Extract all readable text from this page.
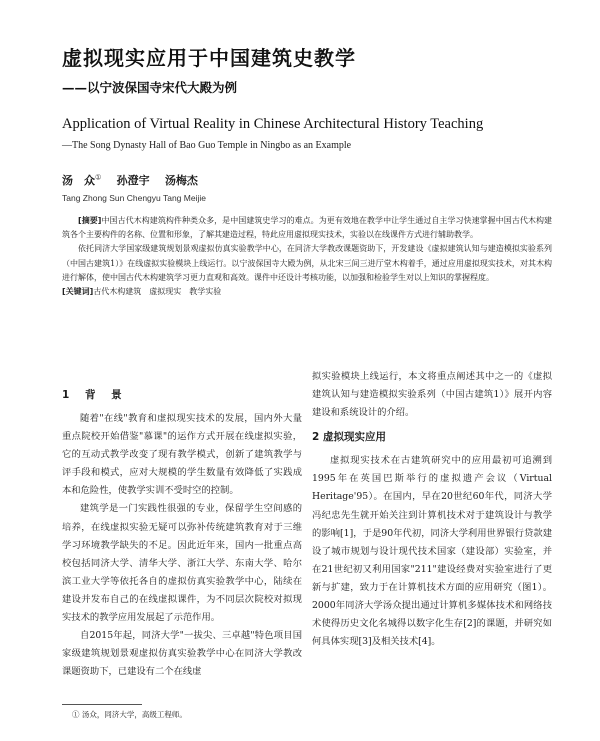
虚拟现实应用于中国建筑史教学
——以宁波保国寺宋代大殿为例
Application of Virtual Reality in Chinese Architectural History Teaching
—The Song Dynasty Hall of Bao Guo Temple in Ningbo as an Example
汤　众① 孙澄宇 汤梅杰
Tang Zhong Sun Chengyu Tang Meijie

[摘要]中国古代木构建筑构件种类众多，是中国建筑史学习的难点。为更有效地在教学中让学生通过自主学习快速掌握中国古代木构建筑各个主要构件的名称、位置和形象，了解其建造过程，特此应用虚拟现实技术，实验以在线课件方式进行辅助教学。

依托同济大学国家级建筑规划景观虚拟仿真实验教学中心，在同济大学教改课题资助下，开发建设《虚拟建筑认知与建造模拟实验系列（中国古建筑1）》在线虚拟实验模块上线运行。以宁波保国寺大殿为例，从北宋三间三进厅堂木构着手，通过应用虚拟现实技术，对其木构进行解体，使中国古代木构建筑学习更力直观和高效。课件中还设计考核功能，以加强和检验学生对以上知识的掌握程度。

[关键词]古代木构建筑　虚拟现实　教学实验

1 背 景

随着"在线"教育和虚拟现实技术的发展，国内外大量重点院校开始借鉴"慕课"的运作方式开展在线虚拟实验，它的互动式教学改变了现有教学模式，创新了建筑教学与评手段和模式，应对大规模的学生数量有效降低了实践成本和危险性，使教学实训不受时空的控制。

建筑学是一门实践性很强的专业，保留学生空间感的培养，在线虚拟实验无疑可以弥补传统建筑教育对于三维学习环境教学缺失的不足。因此近年来，国内一批重点高校包括同济大学、清华大学、浙江大学、东南大学、哈尔滨工业大学等依托各自的虚拟仿真实验教学中心，陆续在建设并发布自己的在线虚拟课件，为不同层次院校对拟现实技术的教学应用发展起了示范作用。

自2015年起，同济大学"一拔尖、三卓越"特色项目国家级建筑规划景观虚拟仿真实验教学中心在同济大学教改课题资助下，已建设有二个在线虚

拟实验模块上线运行，本文将重点阐述其中之一的《虚拟建筑认知与建造模拟实验系列（中国古建筑1）》展开内容建设和系统设计的介绍。

2 虚拟现实应用

虚拟现实技术在古建筑研究中的应用最初可追溯到1995年在英国巴斯举行的虚拟遗产会议（Virtual Heritage'95）。在国内，早在20世纪60年代，同济大学冯纪忠先生就开始关注到计算机技术对于建筑设计与教学的影响[1]，于是90年代初，同济大学利用世界银行贷款建设了城市规划与设计现代技术国家（建设部）实验室，并在21世纪初又利用国家"211"建设经费对实验室进行了更新与扩建，致力于在计算机技术方面的应用研究（图1）。2000年同济大学汤众提出通过计算机多媒体技术和网络技术使得历史文化名城得以数字化生存[2]的课题，并研究如何具体实现[3]及相关技术[4]。

① 汤众，同济大学，高级工程师。
